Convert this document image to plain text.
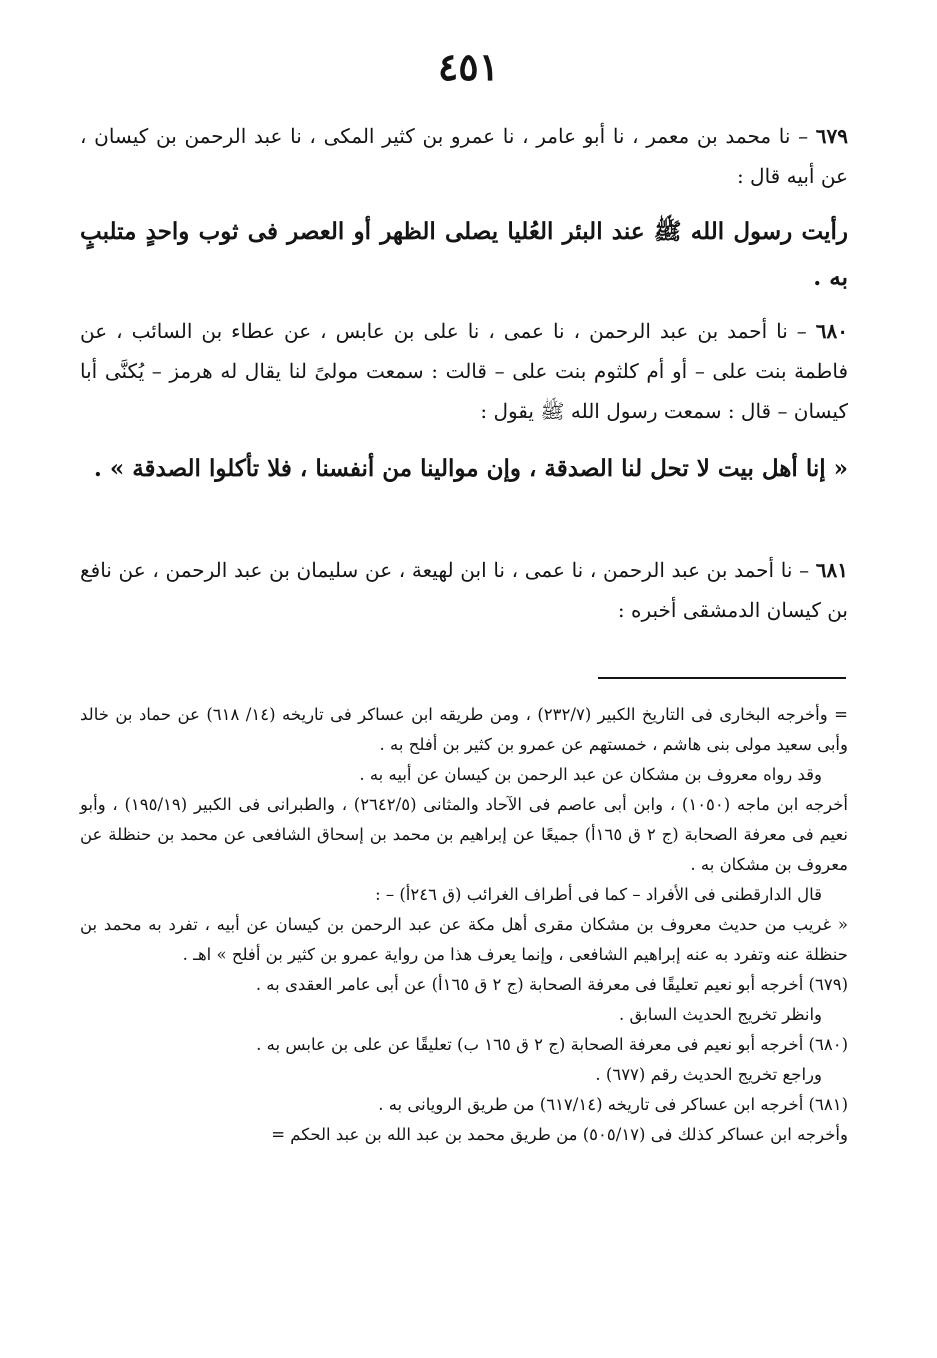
٤٥١
٦٧٩ – نا محمد بن معمر ، نا أبو عامر ، نا عمرو بن كثير المكى ، نا عبد الرحمن بن كيسان ، عن أبيه قال :
رأيت رسول الله ﷺ عند البئر العُليا يصلى الظهر أو العصر فى ثوب واحدٍ متلببٍ به .
٦٨٠ – نا أحمد بن عبد الرحمن ، نا عمى ، نا على بن عابس ، عن عطاء بن السائب ، عن فاطمة بنت على – أو أم كلثوم بنت على – قالت : سمعت مولىً لنا يقال له هرمز – يُكنَّى أبا كيسان – قال : سمعت رسول الله ﷺ يقول :
« إنا أهل بيت لا تحل لنا الصدقة ، وإن موالينا من أنفسنا ، فلا تأكلوا الصدقة » .
٦٨١ – نا أحمد بن عبد الرحمن ، نا عمى ، نا ابن لهيعة ، عن سليمان بن عبد الرحمن ، عن نافع بن كيسان الدمشقى أخبره :
= وأخرجه البخارى فى التاريخ الكبير (٢٣٢/٧) ، ومن طريقه ابن عساكر فى تاريخه (١٤/ ٦١٨) عن حماد بن خالد وأبى سعيد مولى بنى هاشم ، خمستهم عن عمرو بن كثير بن أفلح به .
وقد رواه معروف بن مشكان عن عبد الرحمن بن كيسان عن أبيه به .
أخرجه ابن ماجه (١٠٥٠) ، وابن أبى عاصم فى الآحاد والمثانى (٢٦٤٢/٥) ، والطبرانى فى الكبير (١٩٥/١٩) ، وأبو نعيم فى معرفة الصحابة (ج ٢ ق ١٦٥أ) جميعًا عن إبراهيم بن محمد بن إسحاق الشافعى عن محمد بن حنظلة عن معروف بن مشكان به .
قال الدارقطنى فى الأفراد – كما فى أطراف الغرائب (ق ٢٤٦أ) – :
« غريب من حديث معروف بن مشكان مقرى أهل مكة عن عبد الرحمن بن كيسان عن أبيه ، تفرد به محمد بن حنظلة عنه وتفرد به عنه إبراهيم الشافعى ، وإنما يعرف هذا من رواية عمرو بن كثير بن أفلح » اهـ .
(٦٧٩) أخرجه أبو نعيم تعليقًا فى معرفة الصحابة (ج ٢ ق ١٦٥أ) عن أبى عامر العقدى به .
وانظر تخريج الحديث السابق .
(٦٨٠) أخرجه أبو نعيم فى معرفة الصحابة (ج ٢ ق ١٦٥ ب) تعليقًا عن على بن عابس به .
وراجع تخريج الحديث رقم (٦٧٧) .
(٦٨١) أخرجه ابن عساكر فى تاريخه (٦١٧/١٤) من طريق الرويانى به .
وأخرجه ابن عساكر كذلك فى (٥٠٥/١٧) من طريق محمد بن عبد الله بن عبد الحكم =
